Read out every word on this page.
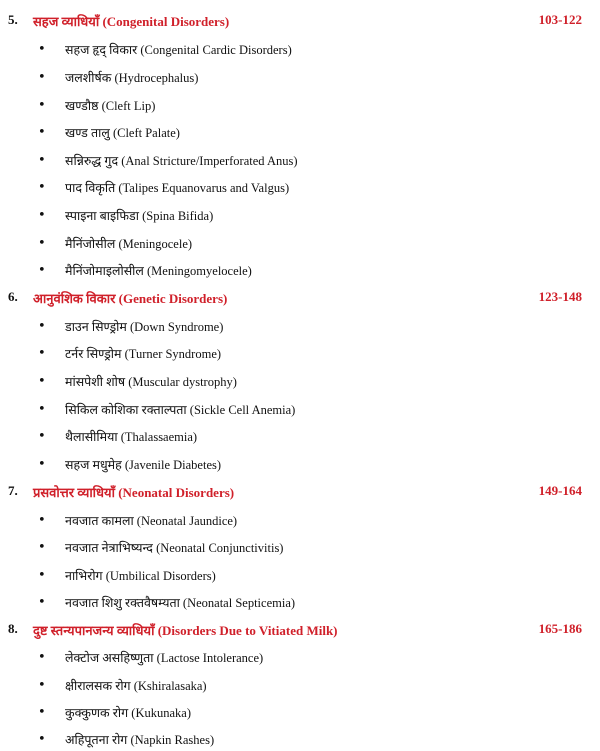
5. सहज व्याधियाँ (Congenital Disorders)	103-122
• सहज हृद् विकार (Congenital Cardic Disorders)
• जलशीर्षक (Hydrocephalus)
• खण्डौष्ठ (Cleft Lip)
• खण्ड तालु (Cleft Palate)
• सन्निरुद्ध गुद (Anal Stricture/Imperforated Anus)
• पाद विकृति (Talipes Equanovarus and Valgus)
• स्पाइना बाइफिडा (Spina Bifida)
• मैनिंजोसील (Meningocele)
• मैनिंजोमाइलोसील (Meningomyelocele)
6. आनुवंशिक विकार (Genetic Disorders)	123-148
• डाउन सिण्ड्रोम (Down Syndrome)
• टर्नर सिण्ड्रोम (Turner Syndrome)
• मांसपेशी शोष (Muscular dystrophy)
• सिकिल कोशिका रक्ताल्पता (Sickle Cell Anemia)
• थैलासीमिया (Thalassaemia)
• सहज मधुमेह (Javenile Diabetes)
7. प्रसवोत्तर व्याधियाँ (Neonatal Disorders)	149-164
• नवजात कामला (Neonatal Jaundice)
• नवजात नेत्राभिष्यन्द (Neonatal Conjunctivitis)
• नाभिरोग (Umbilical Disorders)
• नवजात शिशु रक्तवैषम्यता (Neonatal Septicemia)
8. दुष्ट स्तन्यपानजन्य व्याधियाँ (Disorders Due to Vitiated Milk)	165-186
• लेक्टोज असहिष्णुता (Lactose Intolerance)
• क्षीरालसक रोग (Kshiralasaka)
• कुक्कुणक रोग (Kukunaka)
• अहिपूतना रोग (Napkin Rashes)
